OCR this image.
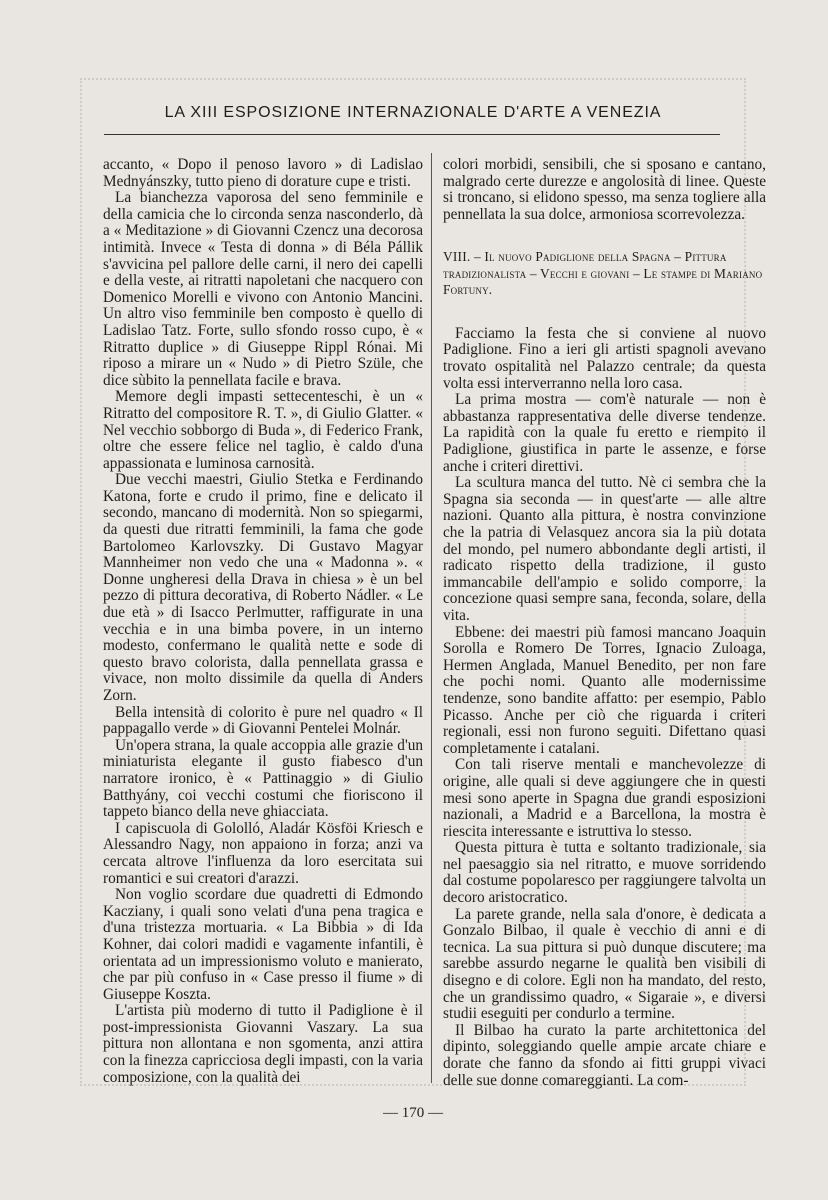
LA XIII ESPOSIZIONE INTERNAZIONALE D'ARTE A VENEZIA

accanto, « Dopo il penoso lavoro » di Ladislao Mednyánszky, tutto pieno di dorature cupe e tristi.

La bianchezza vaporosa del seno femminile e della camicia che lo circonda senza nasconderlo, dà a « Meditazione » di Giovanni Czencz una decorosa intimità. Invece « Testa di donna » di Béla Pállik s'avvicina pel pallore delle carni, il nero dei capelli e della veste, ai ritratti napoletani che nacquero con Domenico Morelli e vivono con Antonio Mancini. Un altro viso femminile ben composto è quello di Ladislao Tatz. Forte, sullo sfondo rosso cupo, è « Ritratto duplice » di Giuseppe Rippl Rónai. Mi riposo a mirare un « Nudo » di Pietro Szüle, che dice sùbito la pennellata facile e brava.

Memore degli impasti settecenteschi, è un « Ritratto del compositore R. T. », di Giulio Glatter. « Nel vecchio sobborgo di Buda », di Federico Frank, oltre che essere felice nel taglio, è caldo d'una appassionata e luminosa carnosità.

Due vecchi maestri, Giulio Stetka e Ferdinando Katona, forte e crudo il primo, fine e delicato il secondo, mancano di modernità. Non so spiegarmi, da questi due ritratti femminili, la fama che gode Bartolomeo Karlovszky. Di Gustavo Magyar Mannheimer non vedo che una « Madonna ». « Donne ungheresi della Drava in chiesa » è un bel pezzo di pittura decorativa, di Roberto Nádler. « Le due età » di Isacco Perlmutter, raffigurate in una vecchia e in una bimba povere, in un interno modesto, confermano le qualità nette e sode di questo bravo colorista, dalla pennellata grassa e vivace, non molto dissimile da quella di Anders Zorn.

Bella intensità di colorito è pure nel quadro « Il pappagallo verde » di Giovanni Pentelei Molnár.

Un'opera strana, la quale accoppia alle grazie d'un miniaturista elegante il gusto fiabesco d'un narratore ironico, è « Pattinaggio » di Giulio Batthyány, coi vecchi costumi che fioriscono il tappeto bianco della neve ghiacciata.

I capiscuola di Gololló, Aladár Kösföi Kriesch e Alessandro Nagy, non appaiono in forza; anzi va cercata altrove l'influenza da loro esercitata sui romantici e sui creatori d'arazzi.

Non voglio scordare due quadretti di Edmondo Kacziany, i quali sono velati d'una pena tragica e d'una tristezza mortuaria. « La Bibbia » di Ida Kohner, dai colori madidi e vagamente infantili, è orientata ad un impressionismo voluto e manierato, che par più confuso in « Case presso il fiume » di Giuseppe Koszta.

L'artista più moderno di tutto il Padiglione è il post-impressionista Giovanni Vaszary. La sua pittura non allontana e non sgomenta, anzi attira con la finezza capricciosa degli impasti, con la varia composizione, con la qualità dei

colori morbidi, sensibili, che si sposano e cantano, malgrado certe durezze e angolosità di linee. Queste si troncano, si elidono spesso, ma senza togliere alla pennellata la sua dolce, armoniosa scorrevolezza.

VIII. – Il nuovo Padiglione della Spagna – Pittura tradizionalista – Vecchi e giovani – Le stampe di Mariano Fortuny.

Facciamo la festa che si conviene al nuovo Padiglione. Fino a ieri gli artisti spagnoli avevano trovato ospitalità nel Palazzo centrale; da questa volta essi interverranno nella loro casa.

La prima mostra — com'è naturale — non è abbastanza rappresentativa delle diverse tendenze. La rapidità con la quale fu eretto e riempito il Padiglione, giustifica in parte le assenze, e forse anche i criteri direttivi.

La scultura manca del tutto. Nè ci sembra che la Spagna sia seconda — in quest'arte — alle altre nazioni. Quanto alla pittura, è nostra convinzione che la patria di Velasquez ancora sia la più dotata del mondo, pel numero abbondante degli artisti, il radicato rispetto della tradizione, il gusto immancabile dell'ampio e solido comporre, la concezione quasi sempre sana, feconda, solare, della vita.

Ebbene: dei maestri più famosi mancano Joaquin Sorolla e Romero De Torres, Ignacio Zuloaga, Hermen Anglada, Manuel Benedito, per non fare che pochi nomi. Quanto alle modernissime tendenze, sono bandite affatto: per esempio, Pablo Picasso. Anche per ciò che riguarda i criteri regionali, essi non furono seguiti. Difettano quasi completamente i catalani.

Con tali riserve mentali e manchevolezze di origine, alle quali si deve aggiungere che in questi mesi sono aperte in Spagna due grandi esposizioni nazionali, a Madrid e a Barcellona, la mostra è riescita interessante e istruttiva lo stesso.

Questa pittura è tutta e soltanto tradizionale, sia nel paesaggio sia nel ritratto, e muove sorridendo dal costume popolaresco per raggiungere talvolta un decoro aristocratico.

La parete grande, nella sala d'onore, è dedicata a Gonzalo Bilbao, il quale è vecchio di anni e di tecnica. La sua pittura si può dunque discutere; ma sarebbe assurdo negarne le qualità ben visibili di disegno e di colore. Egli non ha mandato, del resto, che un grandissimo quadro, « Sigaraie », e diversi studii eseguiti per condurlo a termine.

Il Bilbao ha curato la parte architettonica del dipinto, soleggiando quelle ampie arcate chiare e dorate che fanno da sfondo ai fitti gruppi vivaci delle sue donne comareggianti. La com-

— 170 —
